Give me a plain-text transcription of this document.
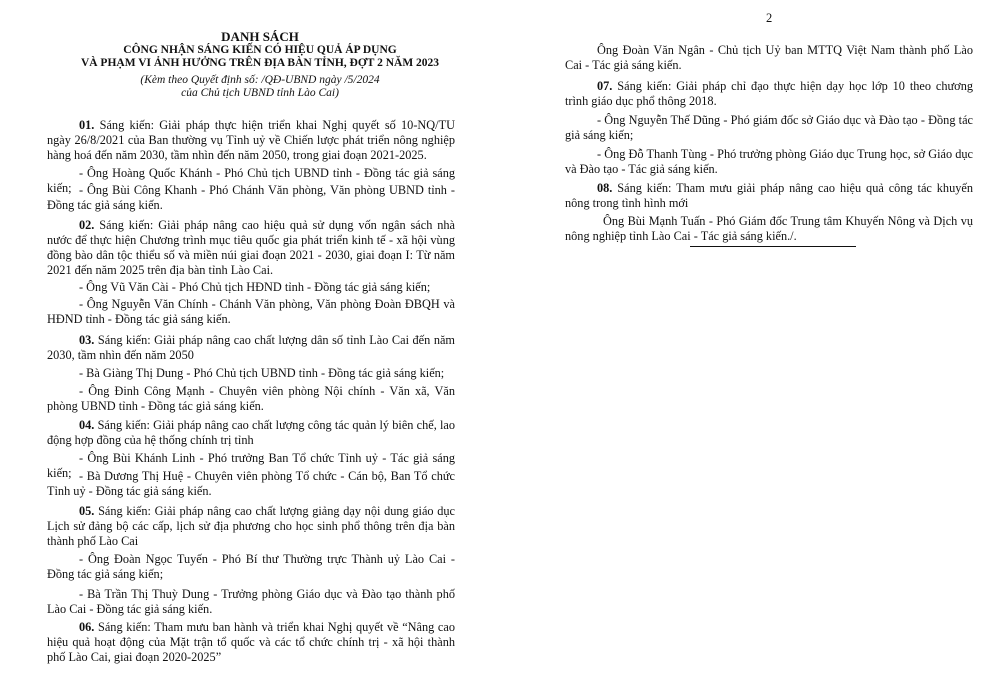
DANH SÁCH
CÔNG NHẬN SÁNG KIẾN CÓ HIỆU QUẢ ÁP DỤNG
VÀ PHẠM VI ẢNH HƯỞNG TRÊN ĐỊA BÀN TỈNH, ĐỢT 2 NĂM 2023
(Kèm theo Quyết định số: /QĐ-UBND ngày /5/2024
của Chủ tịch UBND tỉnh Lào Cai)
01. Sáng kiến: Giải pháp thực hiện triển khai Nghị quyết số 10-NQ/TU ngày 26/8/2021 của Ban thường vụ Tỉnh uỷ về Chiến lược phát triển nông nghiệp hàng hoá đến năm 2030, tầm nhìn đến năm 2050, trong giai đoạn 2021-2025.
- Ông Hoàng Quốc Khánh - Phó Chủ tịch UBND tỉnh - Đồng tác giả sáng kiến; - Ông Bùi Công Khanh - Phó Chánh Văn phòng, Văn phòng UBND tỉnh - Đồng tác giả sáng kiến.
02. Sáng kiến: Giải pháp nâng cao hiệu quả sử dụng vốn ngân sách nhà nước để thực hiện Chương trình mục tiêu quốc gia phát triển kinh tế - xã hội vùng đồng bào dân tộc thiểu số và miền núi giai đoạn 2021 - 2030, giai đoạn I: Từ năm 2021 đến năm 2025 trên địa bàn tỉnh Lào Cai.
- Ông Vũ Văn Cài - Phó Chủ tịch HĐND tỉnh - Đồng tác giả sáng kiến;
- Ông Nguyễn Văn Chính - Chánh Văn phòng, Văn phòng Đoàn ĐBQH và HĐND tỉnh - Đồng tác giả sáng kiến.
03. Sáng kiến: Giải pháp nâng cao chất lượng dân số tỉnh Lào Cai đến năm 2030, tầm nhìn đến năm 2050
- Bà Giàng Thị Dung - Phó Chủ tịch UBND tỉnh - Đồng tác giả sáng kiến;
- Ông Đinh Công Mạnh - Chuyên viên phòng Nội chính - Văn xã, Văn phòng UBND tỉnh - Đồng tác giả sáng kiến.
04. Sáng kiến: Giải pháp nâng cao chất lượng công tác quản lý biên chế, lao động hợp đồng của hệ thống chính trị tỉnh
- Ông Bùi Khánh Linh - Phó trưởng Ban Tổ chức Tỉnh uỷ - Tác giả sáng kiến; - Bà Dương Thị Huệ - Chuyên viên phòng Tổ chức - Cán bộ, Ban Tổ chức Tỉnh uỷ - Đồng tác giả sáng kiến.
05. Sáng kiến: Giải pháp nâng cao chất lượng giảng dạy nội dung giáo dục Lịch sử đảng bộ các cấp, lịch sử địa phương cho học sinh phổ thông trên địa bàn thành phố Lào Cai
- Ông Đoàn Ngọc Tuyến - Phó Bí thư Thường trực Thành uỷ Lào Cai - Đồng tác giả sáng kiến;
- Bà Trần Thị Thuỳ Dung - Trưởng phòng Giáo dục và Đào tạo thành phố Lào Cai - Đồng tác giả sáng kiến.
06. Sáng kiến: Tham mưu ban hành và triển khai Nghị quyết về “Nâng cao hiệu quả hoạt động của Mặt trận tổ quốc và các tổ chức chính trị - xã hội thành phố Lào Cai, giai đoạn 2020-2025”
2
Ông Đoàn Văn Ngân - Chủ tịch Uỷ ban MTTQ Việt Nam thành phố Lào Cai - Tác giả sáng kiến.
07. Sáng kiến: Giải pháp chỉ đạo thực hiện dạy học lớp 10 theo chương trình giáo dục phổ thông 2018.
- Ông Nguyễn Thế Dũng - Phó giám đốc sở Giáo dục và Đào tạo - Đồng tác giả sáng kiến;
- Ông Đỗ Thanh Tùng - Phó trưởng phòng Giáo dục Trung học, sở Giáo dục và Đào tạo - Tác giả sáng kiến.
08. Sáng kiến: Tham mưu giải pháp nâng cao hiệu quả công tác khuyến nông trong tình hình mới
Ông Bùi Mạnh Tuấn - Phó Giám đốc Trung tâm Khuyến Nông và Dịch vụ nông nghiệp tỉnh Lào Cai - Tác giả sáng kiến./.
